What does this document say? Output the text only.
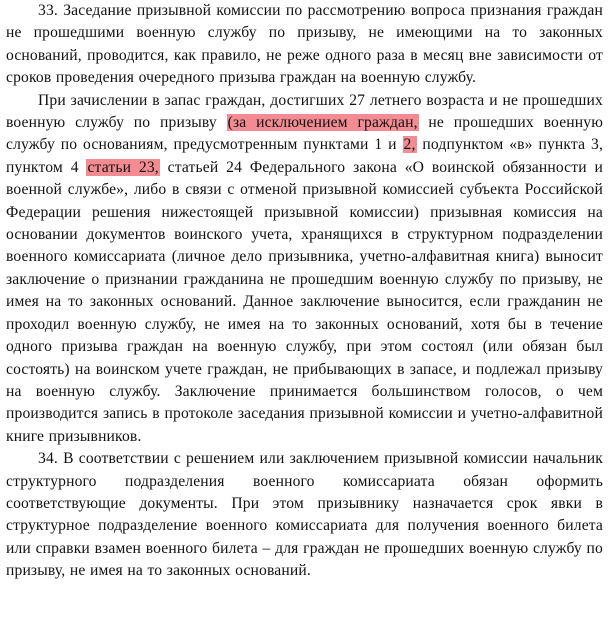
33. Заседание призывной комиссии по рассмотрению вопроса признания граждан не прошедшими военную службу по призыву, не имеющими на то законных оснований, проводится, как правило, не реже одного раза в месяц вне зависимости от сроков проведения очередного призыва граждан на военную службу.

При зачислении в запас граждан, достигших 27 летнего возраста и не прошедших военную службу по призыву (за исключением граждан, не прошедших военную службу по основаниям, предусмотренным пунктами 1 и 2, подпунктом «в» пункта 3, пунктом 4 статьи 23, статьей 24 Федерального закона «О воинской обязанности и военной службе», либо в связи с отменой призывной комиссией субъекта Российской Федерации решения нижестоящей призывной комиссии) призывная комиссия на основании документов воинского учета, хранящихся в структурном подразделении военного комиссариата (личное дело призывника, учетно-алфавитная книга) выносит заключение о признании гражданина не прошедшим военную службу по призыву, не имея на то законных оснований. Данное заключение выносится, если гражданин не проходил военную службу, не имея на то законных оснований, хотя бы в течение одного призыва граждан на военную службу, при этом состоял (или обязан был состоять) на воинском учете граждан, не прибывающих в запасе, и подлежал призыву на военную службу. Заключение принимается большинством голосов, о чем производится запись в протоколе заседания призывной комиссии и учетно-алфавитной книге призывников.

34. В соответствии с решением или заключением призывной комиссии начальник структурного подразделения военного комиссариата обязан оформить соответствующие документы. При этом призывнику назначается срок явки в структурное подразделение военного комиссариата для получения военного билета или справки взамен военного билета – для граждан не прошедших военную службу по призыву, не имея на то законных оснований.
